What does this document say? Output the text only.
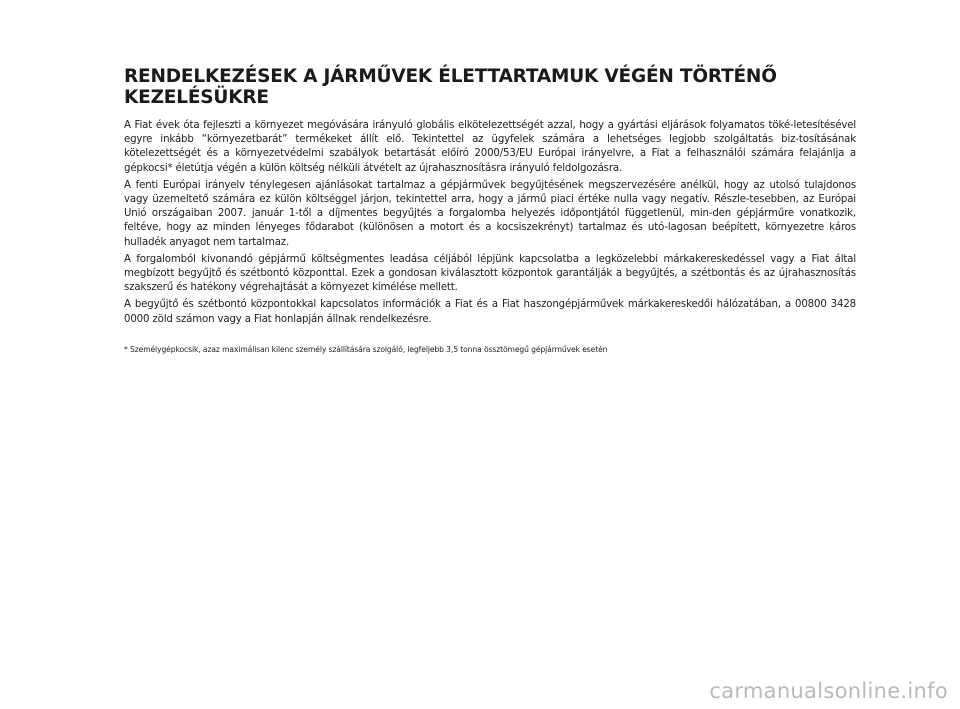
RENDELKEZÉSEK A JÁRMŰVEK ÉLETTARTAMUK VÉGÉN TÖRTÉNŐ KEZELÉSÜKRE

A Fiat évek óta fejleszti a környezet megóvására irányuló globális elkötelezettségét azzal, hogy a gyártási eljárások folyamatos töké-letesítésével egyre inkább “környezetbarát” termékeket állít elő. Tekintettel az ügyfelek számára a lehetséges legjobb szolgáltatás biz-tosításának kötelezettségét és a környezetvédelmi szabályok betartását előíró 2000/53/EU Európai irányelvre, a Fiat a felhasználói számára felajánlja a gépkocsi* életútja végén a külön költség nélküli átvételt az újrahasznosításra irányuló feldolgozásra.

A fenti Európai irányelv ténylegesen ajánlásokat tartalmaz a gépjárművek begyűjtésének megszervezésére anélkül, hogy az utolsó tulajdonos vagy üzemeltető számára ez külön költséggel járjon, tekintettel arra, hogy a jármű piaci értéke nulla vagy negatív. Részle-tesebben, az Európai Unió országaiban 2007. január 1-től a díjmentes begyűjtés a forgalomba helyezés időpontjától függetlenül, min-den gépjárműre vonatkozik, feltéve, hogy az minden lényeges fődarabot (különösen a motort és a kocsiszekrényt) tartalmaz és utó-lagosan beépített, környezetre káros hulladék anyagot nem tartalmaz.

A forgalomból kivonandó gépjármű költségmentes leadása céljából lépjünk kapcsolatba a legközelebbi márkakereskedéssel vagy a Fiat által megbízott begyűjtő és szétbontó központtal. Ezek a gondosan kiválasztott központok garantálják a begyűjtés, a szétbontás és az újrahasznosítás szakszerű és hatékony végrehajtását a környezet kímélése mellett.

A begyűjtő és szétbontó központokkal kapcsolatos információk a Fiat és a Fiat haszongépjárművek márkakereskedői hálózatában, a 00800 3428 0000 zöld számon vagy a Fiat honlapján állnak rendelkezésre.

* Személygépkocsik, azaz maximálisan kilenc személy szállítására szolgáló, legfeljebb 3,5 tonna össztömegű gépjárművek esetén

carmanualsonline.info
